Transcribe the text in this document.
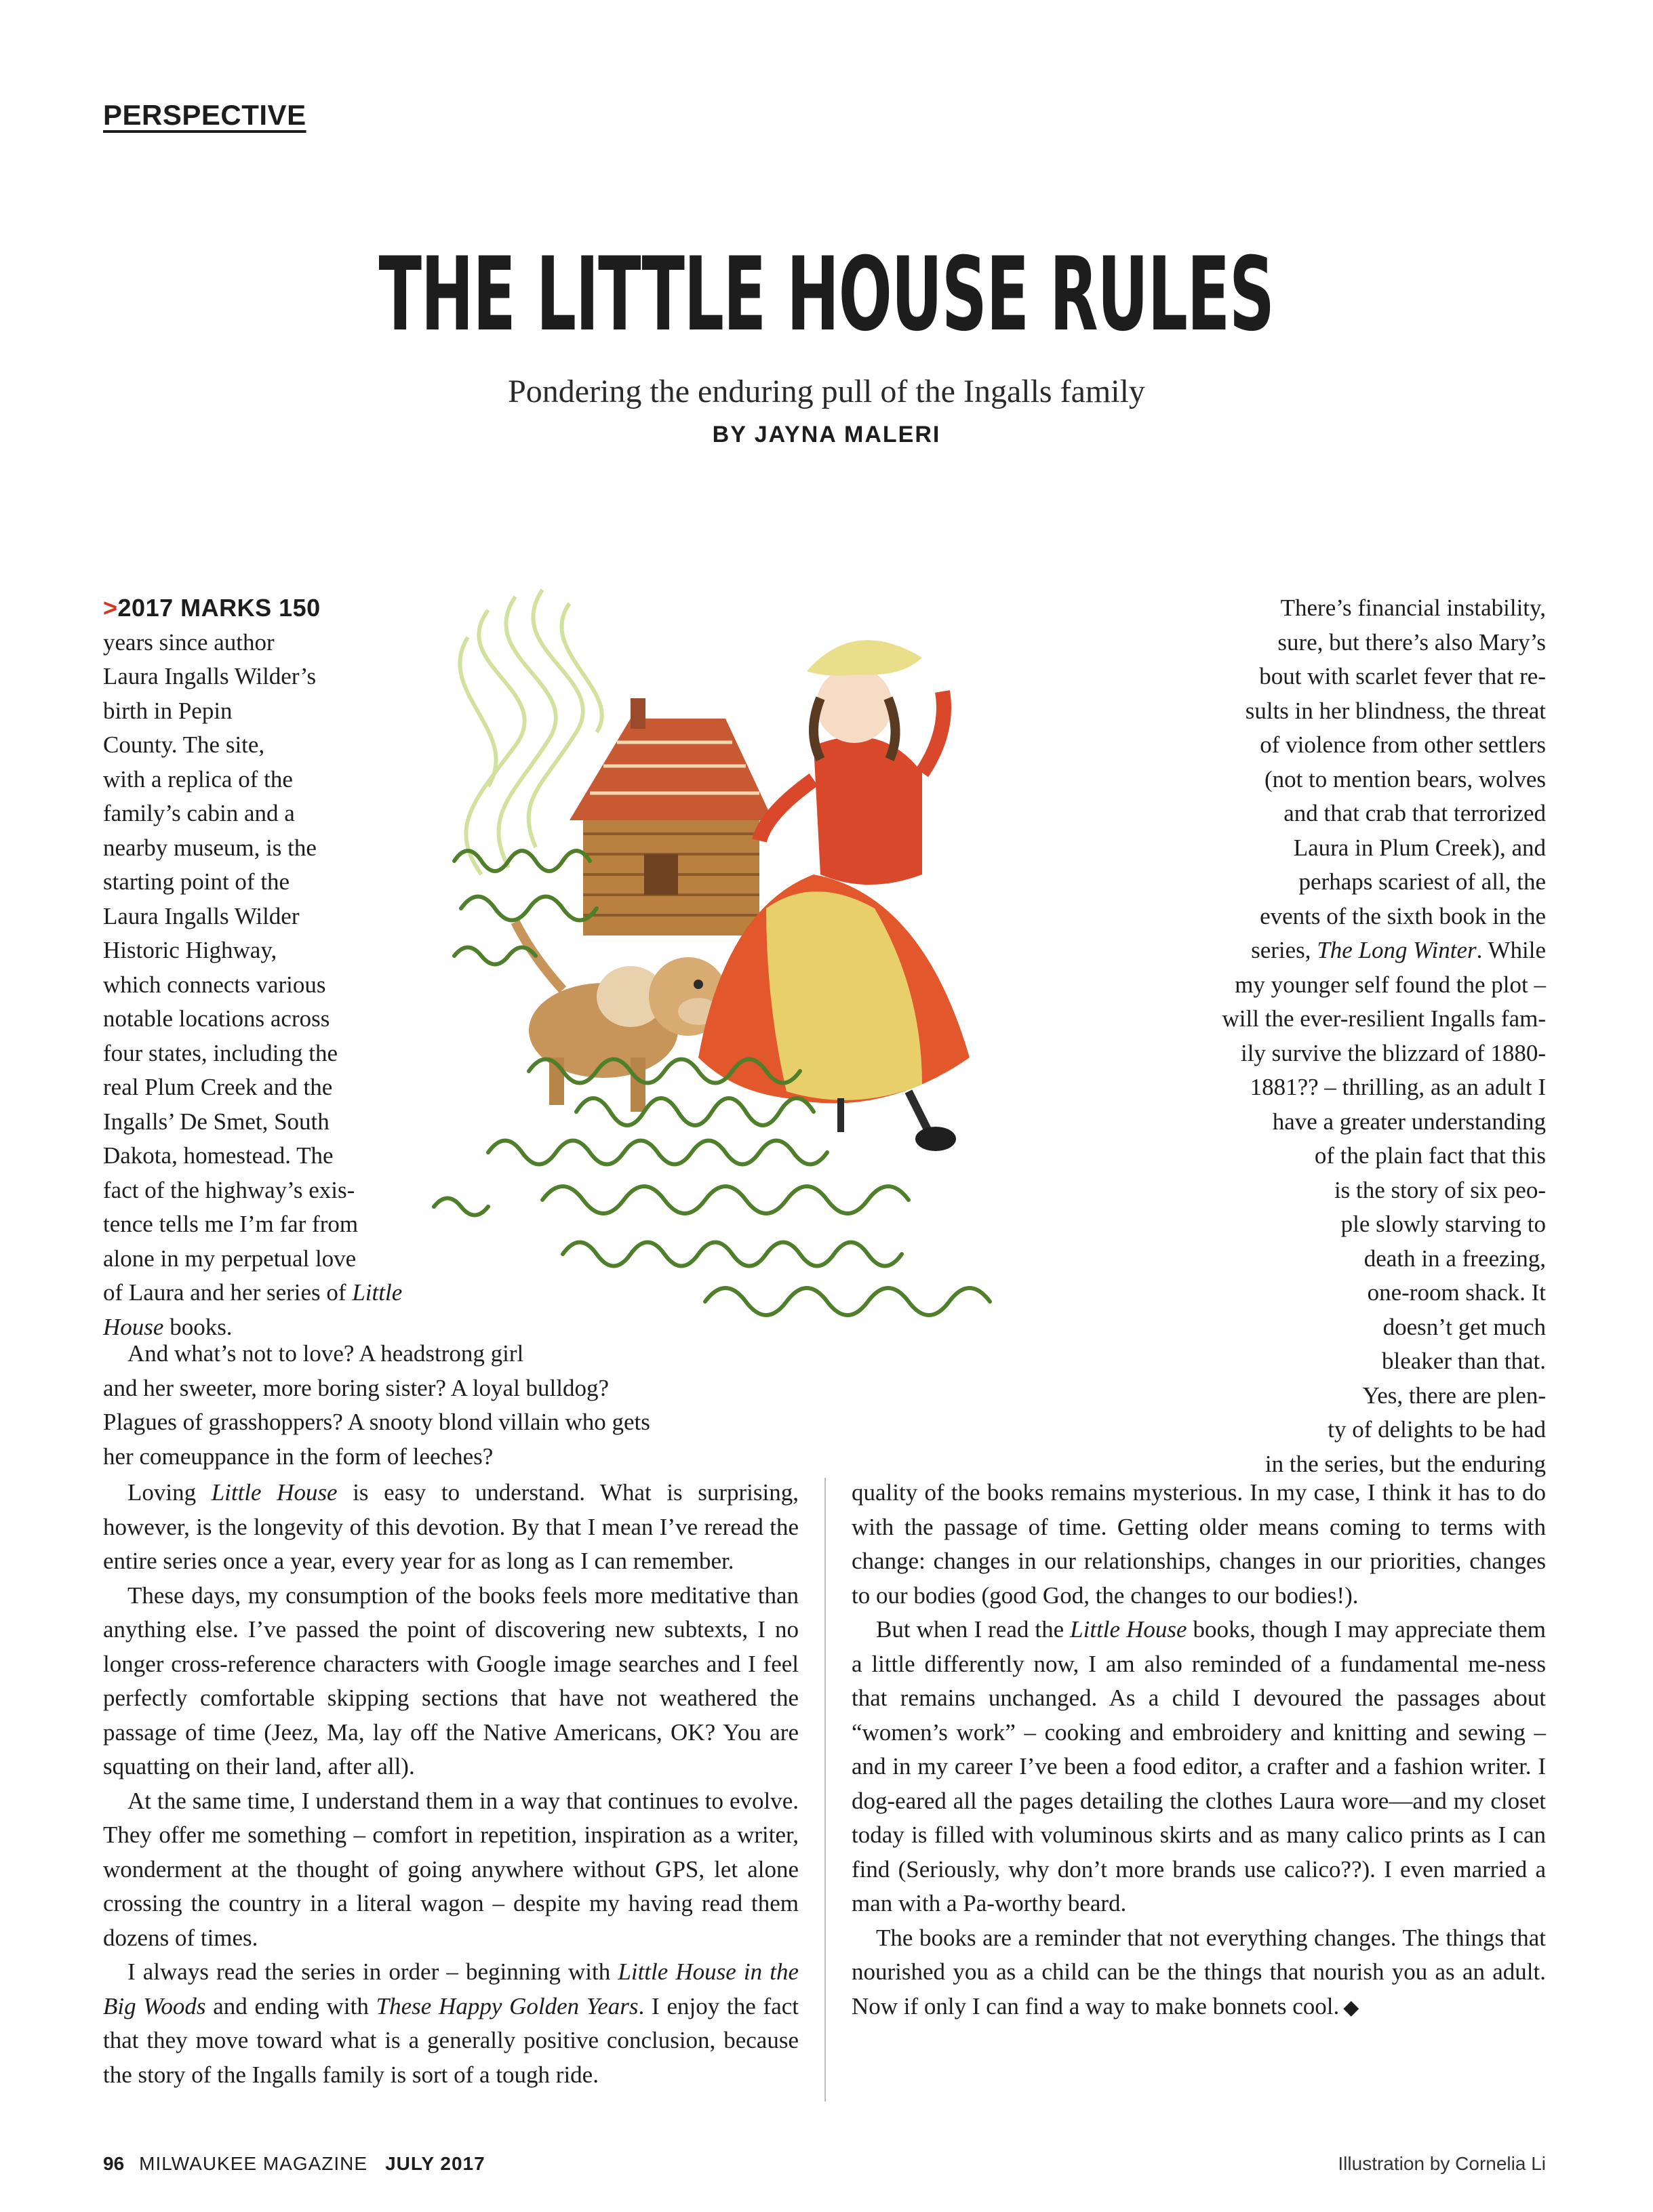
PERSPECTIVE
THE LITTLE HOUSE RULES
Pondering the enduring pull of the Ingalls family
BY JAYNA MALERI
>2017 MARKS 150
years since author
Laura Ingalls Wilder’s
birth in Pepin
County. The site,
with a replica of the
family’s cabin and a
nearby museum, is the
starting point of the
Laura Ingalls Wilder
Historic Highway,
which connects various
notable locations across
four states, including the
real Plum Creek and the
Ingalls’ De Smet, South
Dakota, homestead. The
fact of the highway’s exis-
tence tells me I’m far from
alone in my perpetual love
of Laura and her series of Little
House books.
And what’s not to love? A headstrong girl
and her sweeter, more boring sister? A loyal bulldog?
Plagues of grasshoppers? A snooty blond villain who gets
her comeuppance in the form of leeches?

Loving Little House is easy to understand. What is surprising, however, is the longevity of this devotion. By that I mean I’ve reread the entire series once a year, every year for as long as I can remember.

These days, my consumption of the books feels more meditative than anything else. I’ve passed the point of discovering new subtexts, I no longer cross-reference characters with Google image searches and I feel perfectly comfortable skipping sections that have not weathered the passage of time (Jeez, Ma, lay off the Native Americans, OK? You are squatting on their land, after all).

At the same time, I understand them in a way that continues to evolve. They offer me something – comfort in repetition, inspiration as a writer, wonderment at the thought of going anywhere without GPS, let alone crossing the country in a literal wagon – despite my having read them dozens of times.

I always read the series in order – beginning with Little House in the Big Woods and ending with These Happy Golden Years. I enjoy the fact that they move toward what is a generally positive conclusion, because the story of the Ingalls family is sort of a tough ride.

There’s financial instability,
sure, but there’s also Mary’s
bout with scarlet fever that re-
sults in her blindness, the threat
of violence from other settlers
(not to mention bears, wolves
and that crab that terrorized
Laura in Plum Creek), and
perhaps scariest of all, the
events of the sixth book in the
series, The Long Winter. While
my younger self found the plot –
will the ever-resilient Ingalls fam-
ily survive the blizzard of 1880-
1881?? – thrilling, as an adult I
have a greater understanding
of the plain fact that this
is the story of six peo-
ple slowly starving to
death in a freezing,
one-room shack. It
doesn’t get much
bleaker than that.
Yes, there are plen-
ty of delights to be had
in the series, but the enduring

quality of the books remains mysterious. In my case, I think it has to do with the passage of time. Getting older means coming to terms with change: changes in our relationships, changes in our priorities, changes to our bodies (good God, the changes to our bodies!).

But when I read the Little House books, though I may appreciate them a little differently now, I am also reminded of a fundamental me-ness that remains unchanged. As a child I devoured the passages about “women’s work” – cooking and embroidery and knitting and sewing – and in my career I’ve been a food editor, a crafter and a fashion writer. I dog-eared all the pages detailing the clothes Laura wore—and my closet today is filled with voluminous skirts and as many calico prints as I can find (Seriously, why don’t more brands use calico??). I even married a man with a Pa-worthy beard.

The books are a reminder that not everything changes. The things that nourished you as a child can be the things that nourish you as an adult. Now if only I can find a way to make bonnets cool. ◆

96 MILWAUKEE MAGAZINE JULY 2017	Illustration by Cornelia Li
